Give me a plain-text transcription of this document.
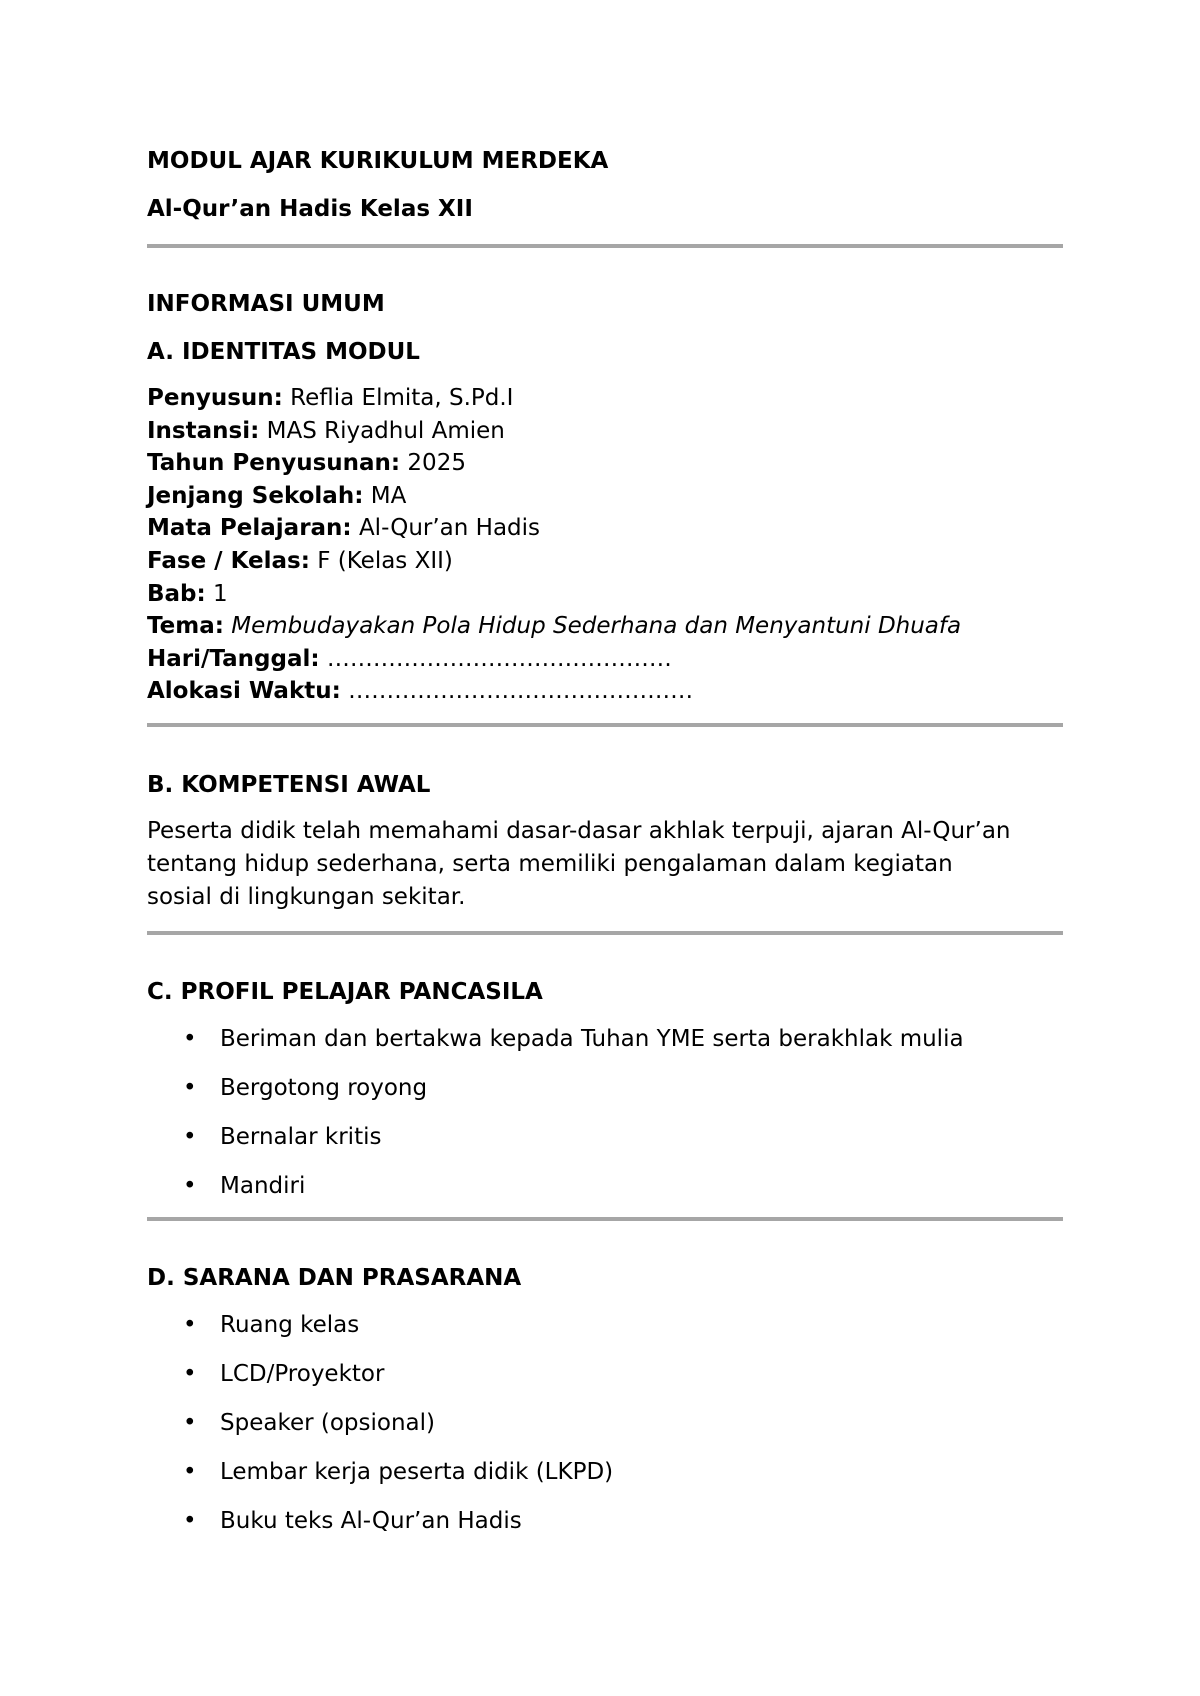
MODUL AJAR KURIKULUM MERDEKA
Al-Qur’an Hadis Kelas XII
INFORMASI UMUM
A. IDENTITAS MODUL
Penyusun: Reflia Elmita, S.Pd.I
Instansi: MAS Riyadhul Amien
Tahun Penyusunan: 2025
Jenjang Sekolah: MA
Mata Pelajaran: Al-Qur’an Hadis
Fase / Kelas: F (Kelas XII)
Bab: 1
Tema: Membudayakan Pola Hidup Sederhana dan Menyantuni Dhuafa
Hari/Tanggal: ………………………………………
Alokasi Waktu: ………………………………………
B. KOMPETENSI AWAL

Peserta didik telah memahami dasar-dasar akhlak terpuji, ajaran Al-Qur’an
tentang hidup sederhana, serta memiliki pengalaman dalam kegiatan
sosial di lingkungan sekitar.

C. PROFIL PELAJAR PANCASILA
• Beriman dan bertakwa kepada Tuhan YME serta berakhlak mulia
• Bergotong royong
• Bernalar kritis
• Mandiri
D. SARANA DAN PRASARANA
• Ruang kelas
• LCD/Proyektor
• Speaker (opsional)
• Lembar kerja peserta didik (LKPD)
• Buku teks Al-Qur’an Hadis
